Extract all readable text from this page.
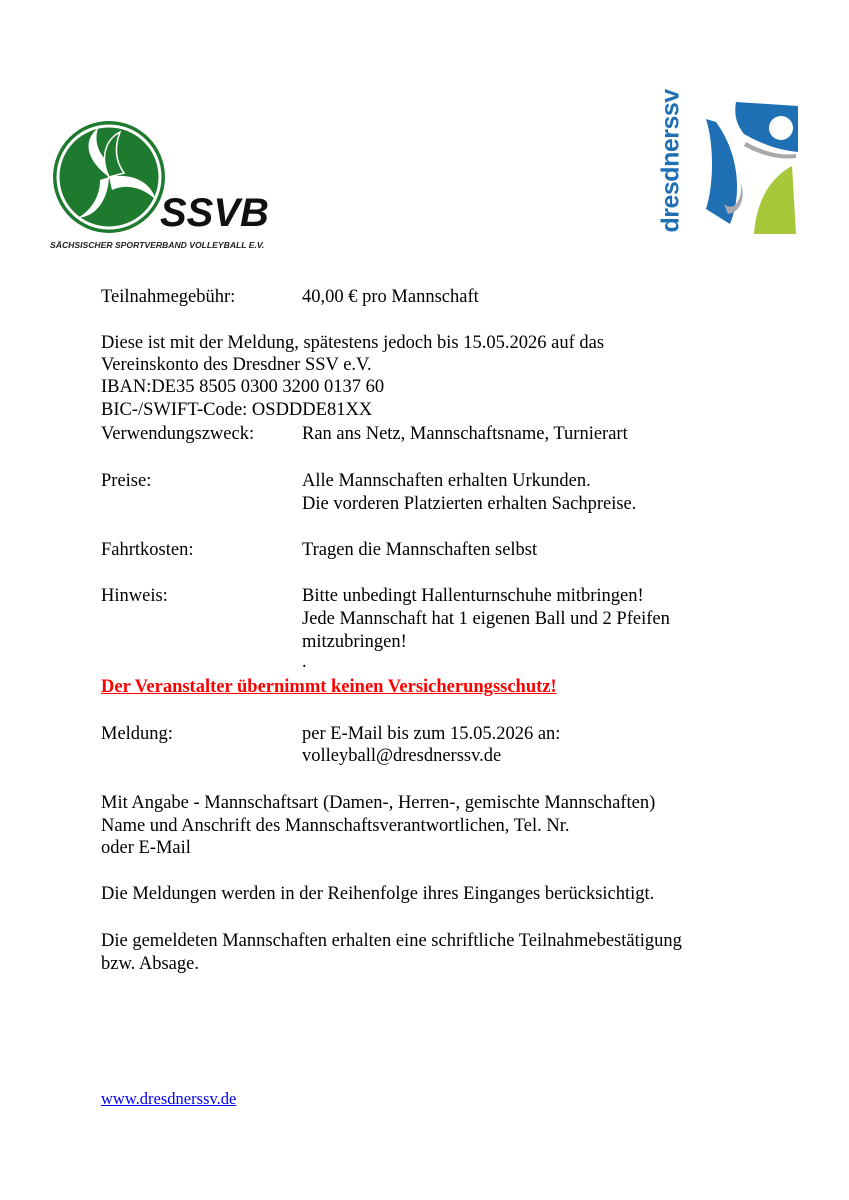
SSVB
SÄCHSISCHER SPORTVERBAND VOLLEYBALL E.V.
dresdnerssv
Teilnahmegebühr:	40,00 € pro Mannschaft
Diese ist mit der Meldung, spätestens jedoch bis 15.05.2026 auf das
Vereinskonto des Dresdner SSV e.V.
IBAN:DE35 8505 0300 3200 0137 60
BIC-/SWIFT-Code: OSDDDE81XX
Verwendungszweck:	Ran ans Netz, Mannschaftsname, Turnierart
Preise:	Alle Mannschaften erhalten Urkunden.
Die vorderen Platzierten erhalten Sachpreise.
Fahrtkosten:	Tragen die Mannschaften selbst
Hinweis:	Bitte unbedingt Hallenturnschuhe mitbringen!
Jede Mannschaft hat 1 eigenen Ball und 2 Pfeifen
mitzubringen!
.
Der Veranstalter übernimmt keinen Versicherungsschutz!
Meldung:	per E-Mail bis zum 15.05.2026 an:
volleyball@dresdnerssv.de
Mit Angabe - Mannschaftsart (Damen-, Herren-, gemischte Mannschaften)
Name und Anschrift des Mannschaftsverantwortlichen, Tel. Nr.
oder E-Mail
Die Meldungen werden in der Reihenfolge ihres Einganges berücksichtigt.
Die gemeldeten Mannschaften erhalten eine schriftliche Teilnahmebestätigung
bzw. Absage.
www.dresdnerssv.de
